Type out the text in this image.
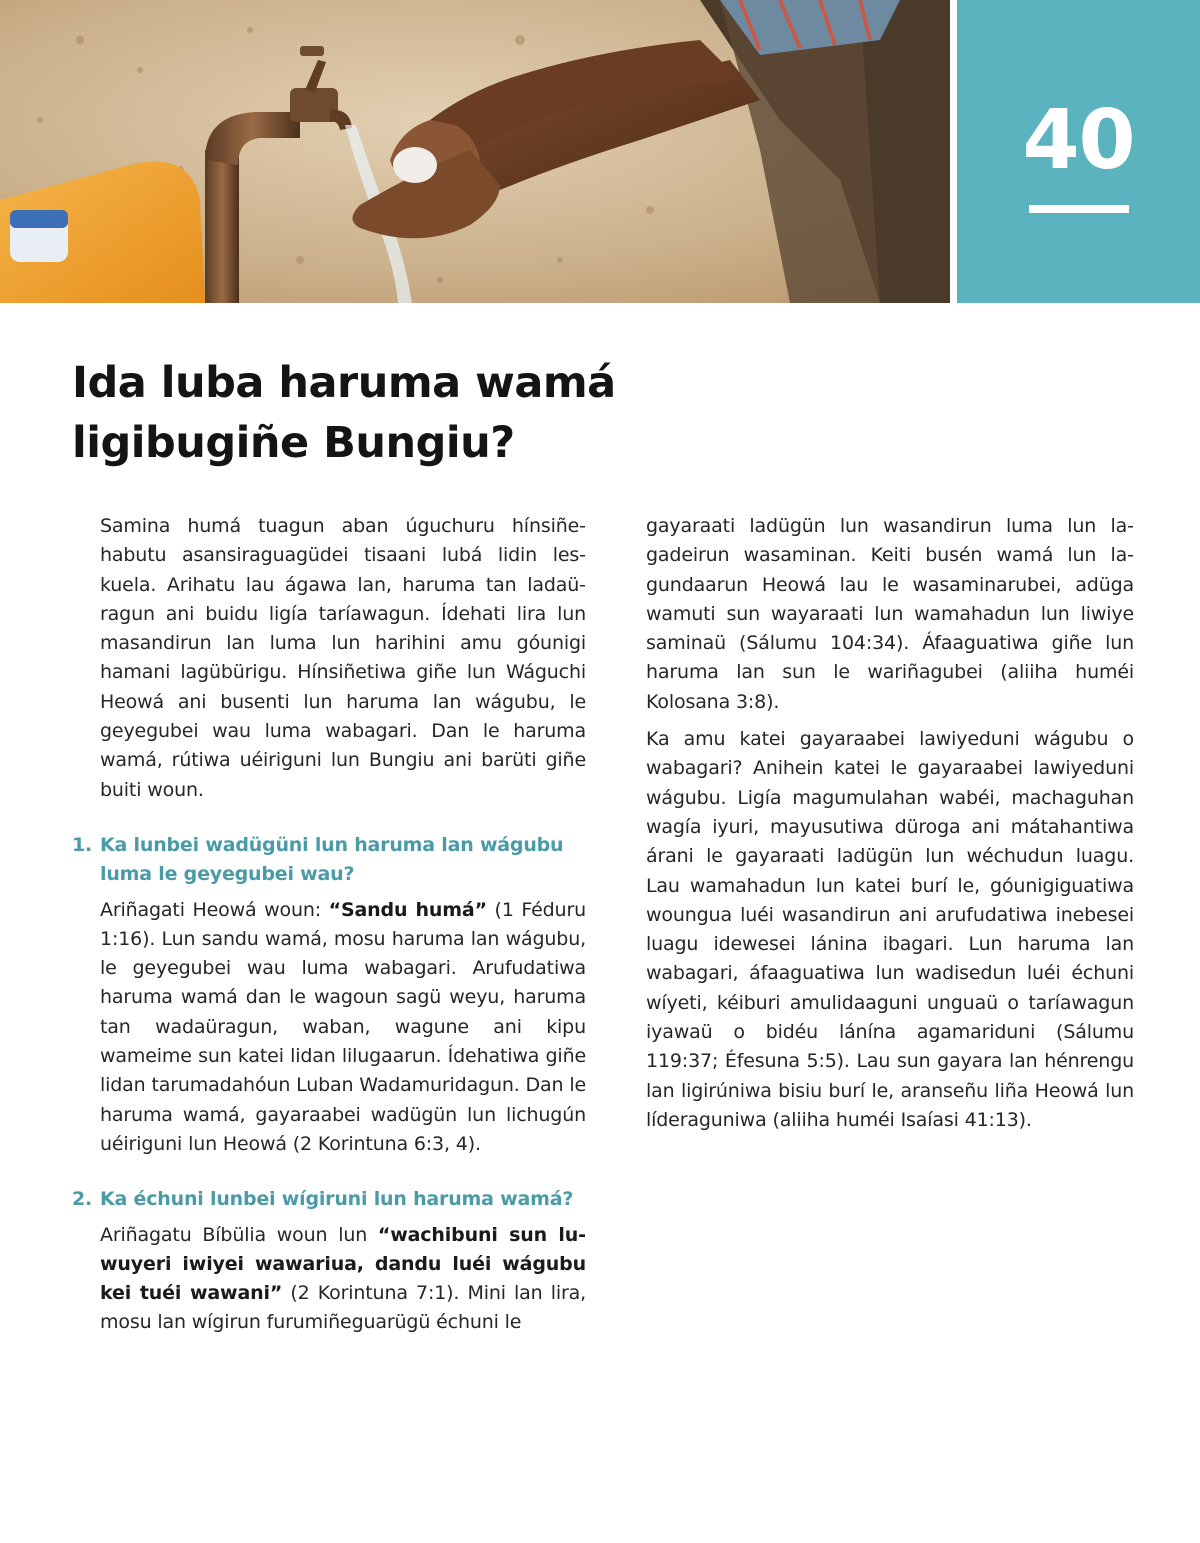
40
Ida luba haruma wamá
ligibugiñe Bungiu?

Samina humá tuagun aban úguchuru hínsiñehabutu asansiraguagüdei tisaani lubá lidin leskuela. Arihatu lau ágawa lan, haruma tan ladaüragun ani buidu ligía taríawagun. Ídehati lira lun masandirun lan luma lun harihini amu góunigi hamani lagübürigu. Hínsiñetiwa giñe lun Wáguchi Heowá ani busenti lun haruma lan wágubu, le geyegubei wau luma wabagari. Dan le haruma wamá, rútiwa uéiriguni lun Bungiu ani barüti giñe buiti woun.

1. Ka lunbei wadügüni lun haruma lan wágubu luma le geyegubei wau?

Ariñagati Heowá woun: “Sandu humá” (1 Féduru 1:16). Lun sandu wamá, mosu haruma lan wágubu, le geyegubei wau luma wabagari. Arufudatiwa haruma wamá dan le wagoun sagü weyu, haruma tan wadaüragun, waban, wagune ani kipu wameime sun katei lidan lilugaarun. Ídehatiwa giñe lidan tarumadahóun Luban Wadamuridagun. Dan le haruma wamá, gayaraabei wadügün lun lichugún uéiriguni lun Heowá (2 Korintuna 6:3, 4).

2. Ka échuni lunbei wígiruni lun haruma wamá?

Ariñagatu Bíbülia woun lun “wachibuni sun luwuyeri iwiyei wawariua, dandu luéi wágubu kei tuéi wawani” (2 Korintuna 7:1). Mini lan lira, mosu lan wígirun furumiñeguarügü échuni le

gayaraati ladügün lun wasandirun luma lun lagadeirun wasaminan. Keiti busén wamá lun lagundaarun Heowá lau le wasaminarubei, adüga wamuti sun wayaraati lun wamahadun lun liwiye saminaü (Sálumu 104:34). Áfaaguatiwa giñe lun haruma lan sun le wariñagubei (aliiha huméi Kolosana 3:8).

Ka amu katei gayaraabei lawiyeduni wágubu o wabagari? Anihein katei le gayaraabei lawiyeduni wágubu. Ligía magumulahan wabéi, machaguhan wagía iyuri, mayusutiwa düroga ani mátahantiwa árani le gayaraati ladügün lun wéchudun luagu. Lau wamahadun lun katei burí le, góunigiguatiwa woungua luéi wasandirun ani arufudatiwa inebesei luagu idewesei lánina ibagari. Lun haruma lan wabagari, áfaaguatiwa lun wadisedun luéi échuni wíyeti, kéiburi amulidaaguni unguaü o taríawagun iyawaü o bidéu lánína agamariduni (Sálumu 119:37; Éfesuna 5:5). Lau sun gayara lan hénrengu lan ligirúniwa bisiu burí le, aranseñu liña Heowá lun líderaguniwa (aliiha huméi Isaíasi 41:13).
